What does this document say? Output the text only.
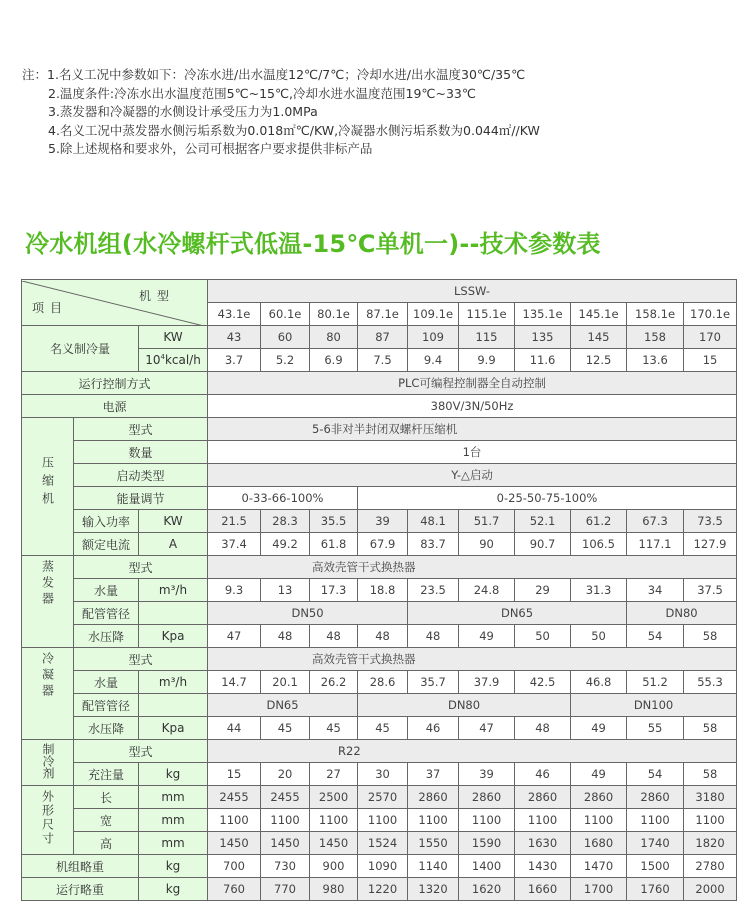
注：1.名义工况中参数如下：冷冻水进/出水温度12℃/7℃；冷却水进/出水温度30℃/35℃
2.温度条件:冷冻水出水温度范围5℃~15℃,冷却水进水温度范围19℃~33℃
3.蒸发器和冷凝器的水侧设计承受压力为1.0MPa
4.名义工况中蒸发器水侧污垢系数为0.018㎡℃/KW,冷凝器水侧污垢系数为0.044㎡//KW
5.除上述规格和要求外，公司可根据客户要求提供非标产品
冷水机组(水冷螺杆式低温-15℃单机一)--技术参数表
机型
项目			LSSW-									
			43.1e	60.1e	80.1e	87.1e	109.1e	115.1e	135.1e	145.1e	158.1e	170.1e
名义制冷量		KW	43	60	80	87	109	115	135	145	158	170
		$10^4kcal/h$	3.7	5.2	6.9	7.5	9.4	9.9	11.6	12.5	13.6	15
运行控制方式			PLC可编程控制器全自动控制									
电源			380V/3N/50Hz									
压缩机	型式		5-6非对半封闭双螺杆压缩机									
	数量		1台									
	启动类型		Y-△启动									
	能量调节		0-33-66-100%			0-25-50-75-100%						
	输入功率	KW	21.5	28.3	35.5	39	48.1	51.7	52.1	61.2	67.3	73.5
	额定电流	A	37.4	49.2	61.8	67.9	83.7	90	90.7	106.5	117.1	127.9
蒸发器	型式		高效壳管干式换热器									
	水量	m³/h	9.3	13	17.3	18.8	23.5	24.8	29	31.3	34	37.5
	配管管径		DN50				DN65				DN80	
	水压降	Kpa	47	48	48	48	48	49	50	50	54	58
冷凝器	型式		高效壳管干式换热器									
	水量	m³/h	14.7	20.1	26.2	28.6	35.7	37.9	42.5	46.8	51.2	55.3
	配管管径		DN65			DN80				DN100		
	水压降	Kpa	44	45	45	45	46	47	48	49	55	58
制冷剂	型式		R22									
	充注量	kg	15	20	27	30	37	39	46	49	54	58
外形尺寸	长	mm	2455	2455	2500	2570	2860	2860	2860	2860	2860	3180
	宽	mm	1100	1100	1100	1100	1100	1100	1100	1100	1100	1100
	高	mm	1450	1450	1450	1524	1550	1590	1630	1680	1740	1820
机组略重		kg	700	730	900	1090	1140	1400	1430	1470	1500	2780
运行略重		kg	760	770	980	1220	1320	1620	1660	1700	1760	2000
